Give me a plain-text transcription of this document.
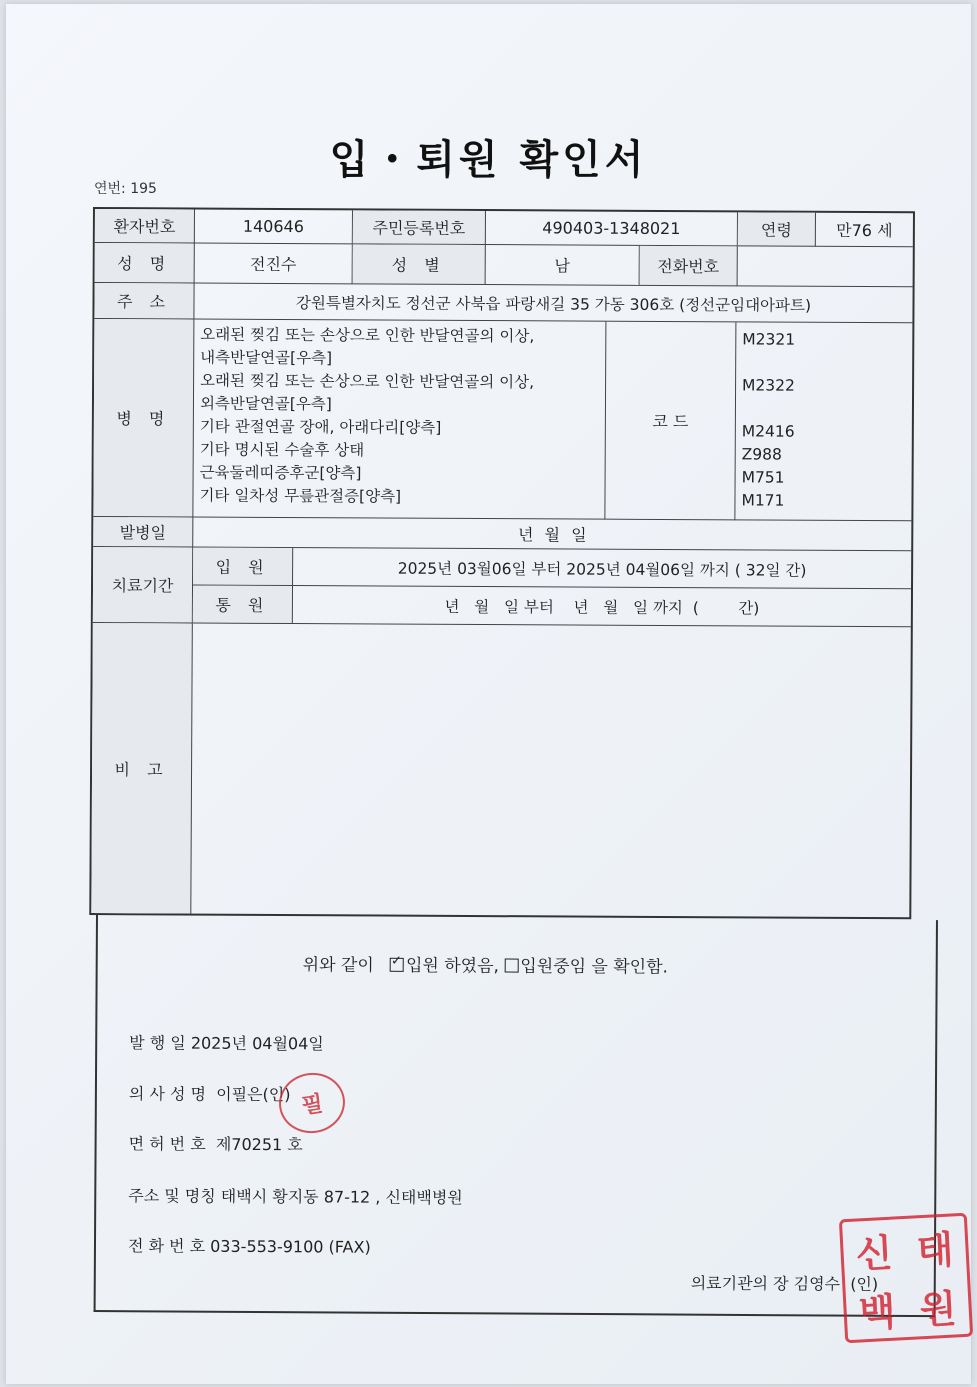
입・퇴원 확인서
연번: 195
환자번호	140646	주민등록번호	490403-1348021	연령	만76 세
성 명	전진수	성 별	남	전화번호
주 소	강원특별자치도 정선군 사북읍 파랑새길 35 가동 306호 (정선군임대아파트)
병 명	코 드
오래된 찢김 또는 손상으로 인한 반달연골의 이상,
내측반달연골[우측]
오래된 찢김 또는 손상으로 인한 반달연골의 이상,
외측반달연골[우측]
기타 관절연골 장애, 아래다리[양측]
기타 명시된 수술후 상태
근육둘레띠증후군[양측]
기타 일차성 무릎관절증[양측]
M2321
M2322
M2416
Z988
M751
M171
발병일	년 월 일
치료기간
입 원	2025년 03월06일 부터 2025년 04월06일 까지 ( 32일 간)
통 원	년   월   일 부터    년   월   일 까지  (        간)
비 고
위와 같이   ✓ 입원 하였음, 입원중임 을 확인함.
발 행 일 2025년 04월04일
의 사 성 명 이필은(인)
면 허 번 호 제70251 호
주소 및 명칭 태백시 황지동 87-12 , 신태백병원
전 화 번 호 033-553-9100 (FAX)
의료기관의 장 김영수 (인)
필
신 태
백 원
